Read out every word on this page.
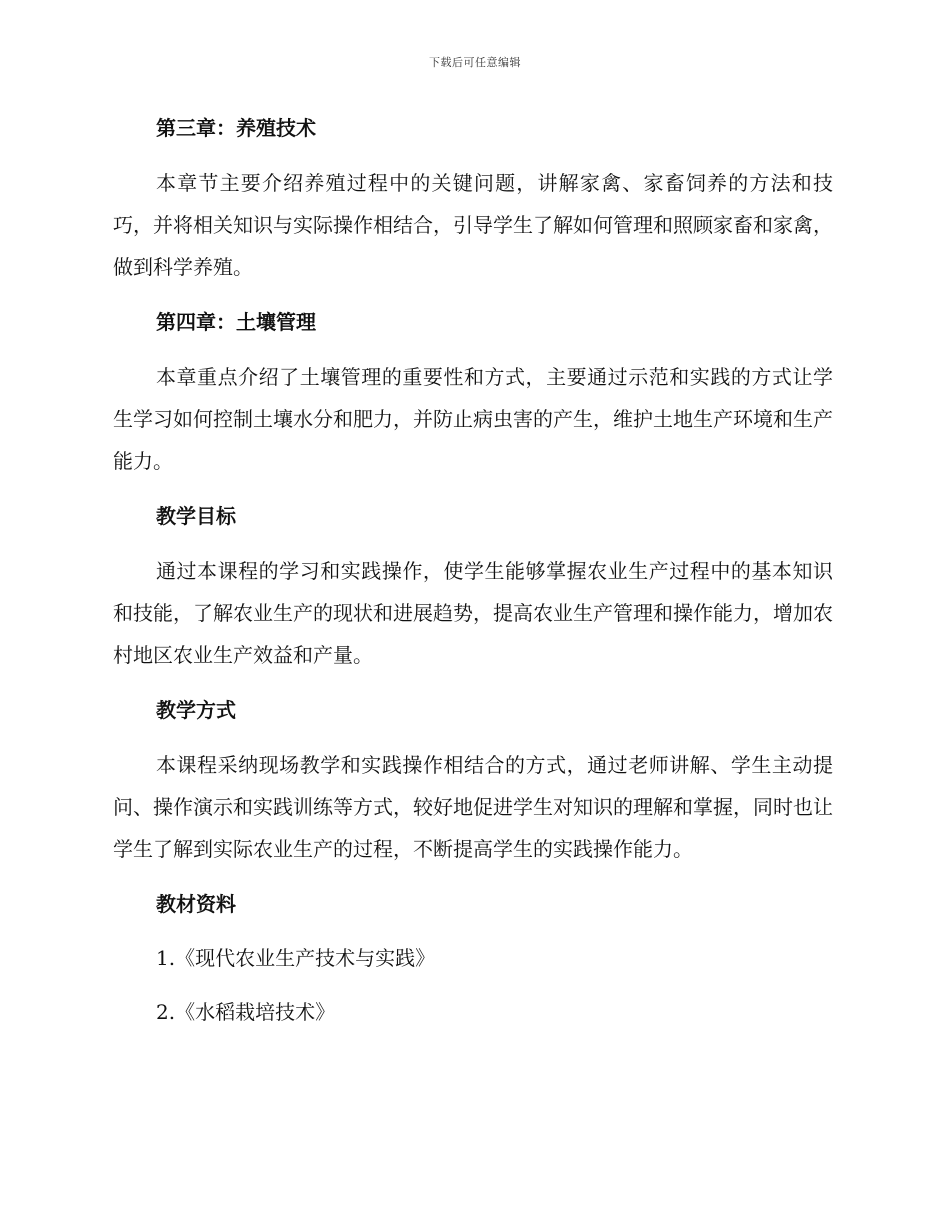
下载后可任意编辑
第三章：养殖技术

本章节主要介绍养殖过程中的关键问题，讲解家禽、家畜饲养的方法和技巧，并将相关知识与实际操作相结合，引导学生了解如何管理和照顾家畜和家禽，做到科学养殖。

第四章：土壤管理

本章重点介绍了土壤管理的重要性和方式，主要通过示范和实践的方式让学生学习如何控制土壤水分和肥力，并防止病虫害的产生，维护土地生产环境和生产能力。

教学目标

通过本课程的学习和实践操作，使学生能够掌握农业生产过程中的基本知识和技能，了解农业生产的现状和进展趋势，提高农业生产管理和操作能力，增加农村地区农业生产效益和产量。

教学方式

本课程采纳现场教学和实践操作相结合的方式，通过老师讲解、学生主动提问、操作演示和实践训练等方式，较好地促进学生对知识的理解和掌握，同时也让学生了解到实际农业生产的过程，不断提高学生的实践操作能力。

教材资料
1.《现代农业生产技术与实践》
2.《水稻栽培技术》
